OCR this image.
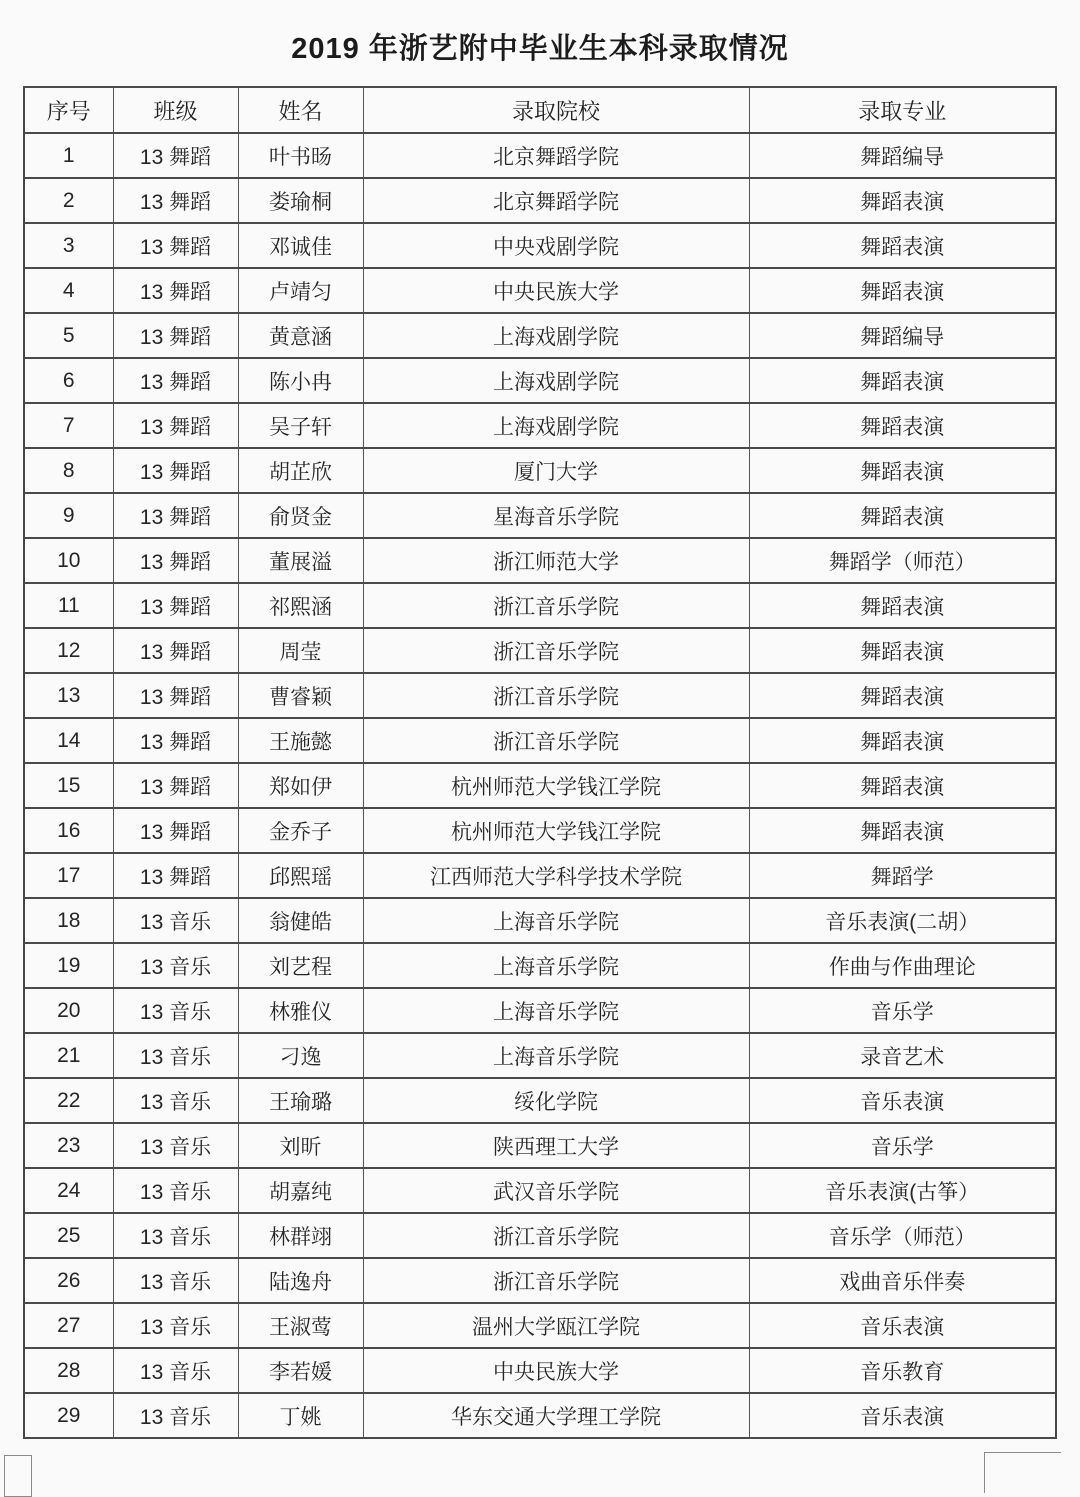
2019 年浙艺附中毕业生本科录取情况
序号	班级	姓名	录取院校	录取专业
1	13 舞蹈	叶书旸	北京舞蹈学院	舞蹈编导
2	13 舞蹈	娄瑜桐	北京舞蹈学院	舞蹈表演
3	13 舞蹈	邓诚佳	中央戏剧学院	舞蹈表演
4	13 舞蹈	卢靖匀	中央民族大学	舞蹈表演
5	13 舞蹈	黄意涵	上海戏剧学院	舞蹈编导
6	13 舞蹈	陈小冉	上海戏剧学院	舞蹈表演
7	13 舞蹈	吴子轩	上海戏剧学院	舞蹈表演
8	13 舞蹈	胡芷欣	厦门大学	舞蹈表演
9	13 舞蹈	俞贤金	星海音乐学院	舞蹈表演
10	13 舞蹈	董展溢	浙江师范大学	舞蹈学（师范）
11	13 舞蹈	祁熙涵	浙江音乐学院	舞蹈表演
12	13 舞蹈	周莹	浙江音乐学院	舞蹈表演
13	13 舞蹈	曹睿颖	浙江音乐学院	舞蹈表演
14	13 舞蹈	王施懿	浙江音乐学院	舞蹈表演
15	13 舞蹈	郑如伊	杭州师范大学钱江学院	舞蹈表演
16	13 舞蹈	金乔子	杭州师范大学钱江学院	舞蹈表演
17	13 舞蹈	邱熙瑶	江西师范大学科学技术学院	舞蹈学
18	13 音乐	翁健皓	上海音乐学院	音乐表演(二胡）
19	13 音乐	刘艺程	上海音乐学院	作曲与作曲理论
20	13 音乐	林雅仪	上海音乐学院	音乐学
21	13 音乐	刁逸	上海音乐学院	录音艺术
22	13 音乐	王瑜璐	绥化学院	音乐表演
23	13 音乐	刘昕	陕西理工大学	音乐学
24	13 音乐	胡嘉纯	武汉音乐学院	音乐表演(古筝）
25	13 音乐	林群翊	浙江音乐学院	音乐学（师范）
26	13 音乐	陆逸舟	浙江音乐学院	戏曲音乐伴奏
27	13 音乐	王淑莺	温州大学瓯江学院	音乐表演
28	13 音乐	李若媛	中央民族大学	音乐教育
29	13 音乐	丁姚	华东交通大学理工学院	音乐表演
